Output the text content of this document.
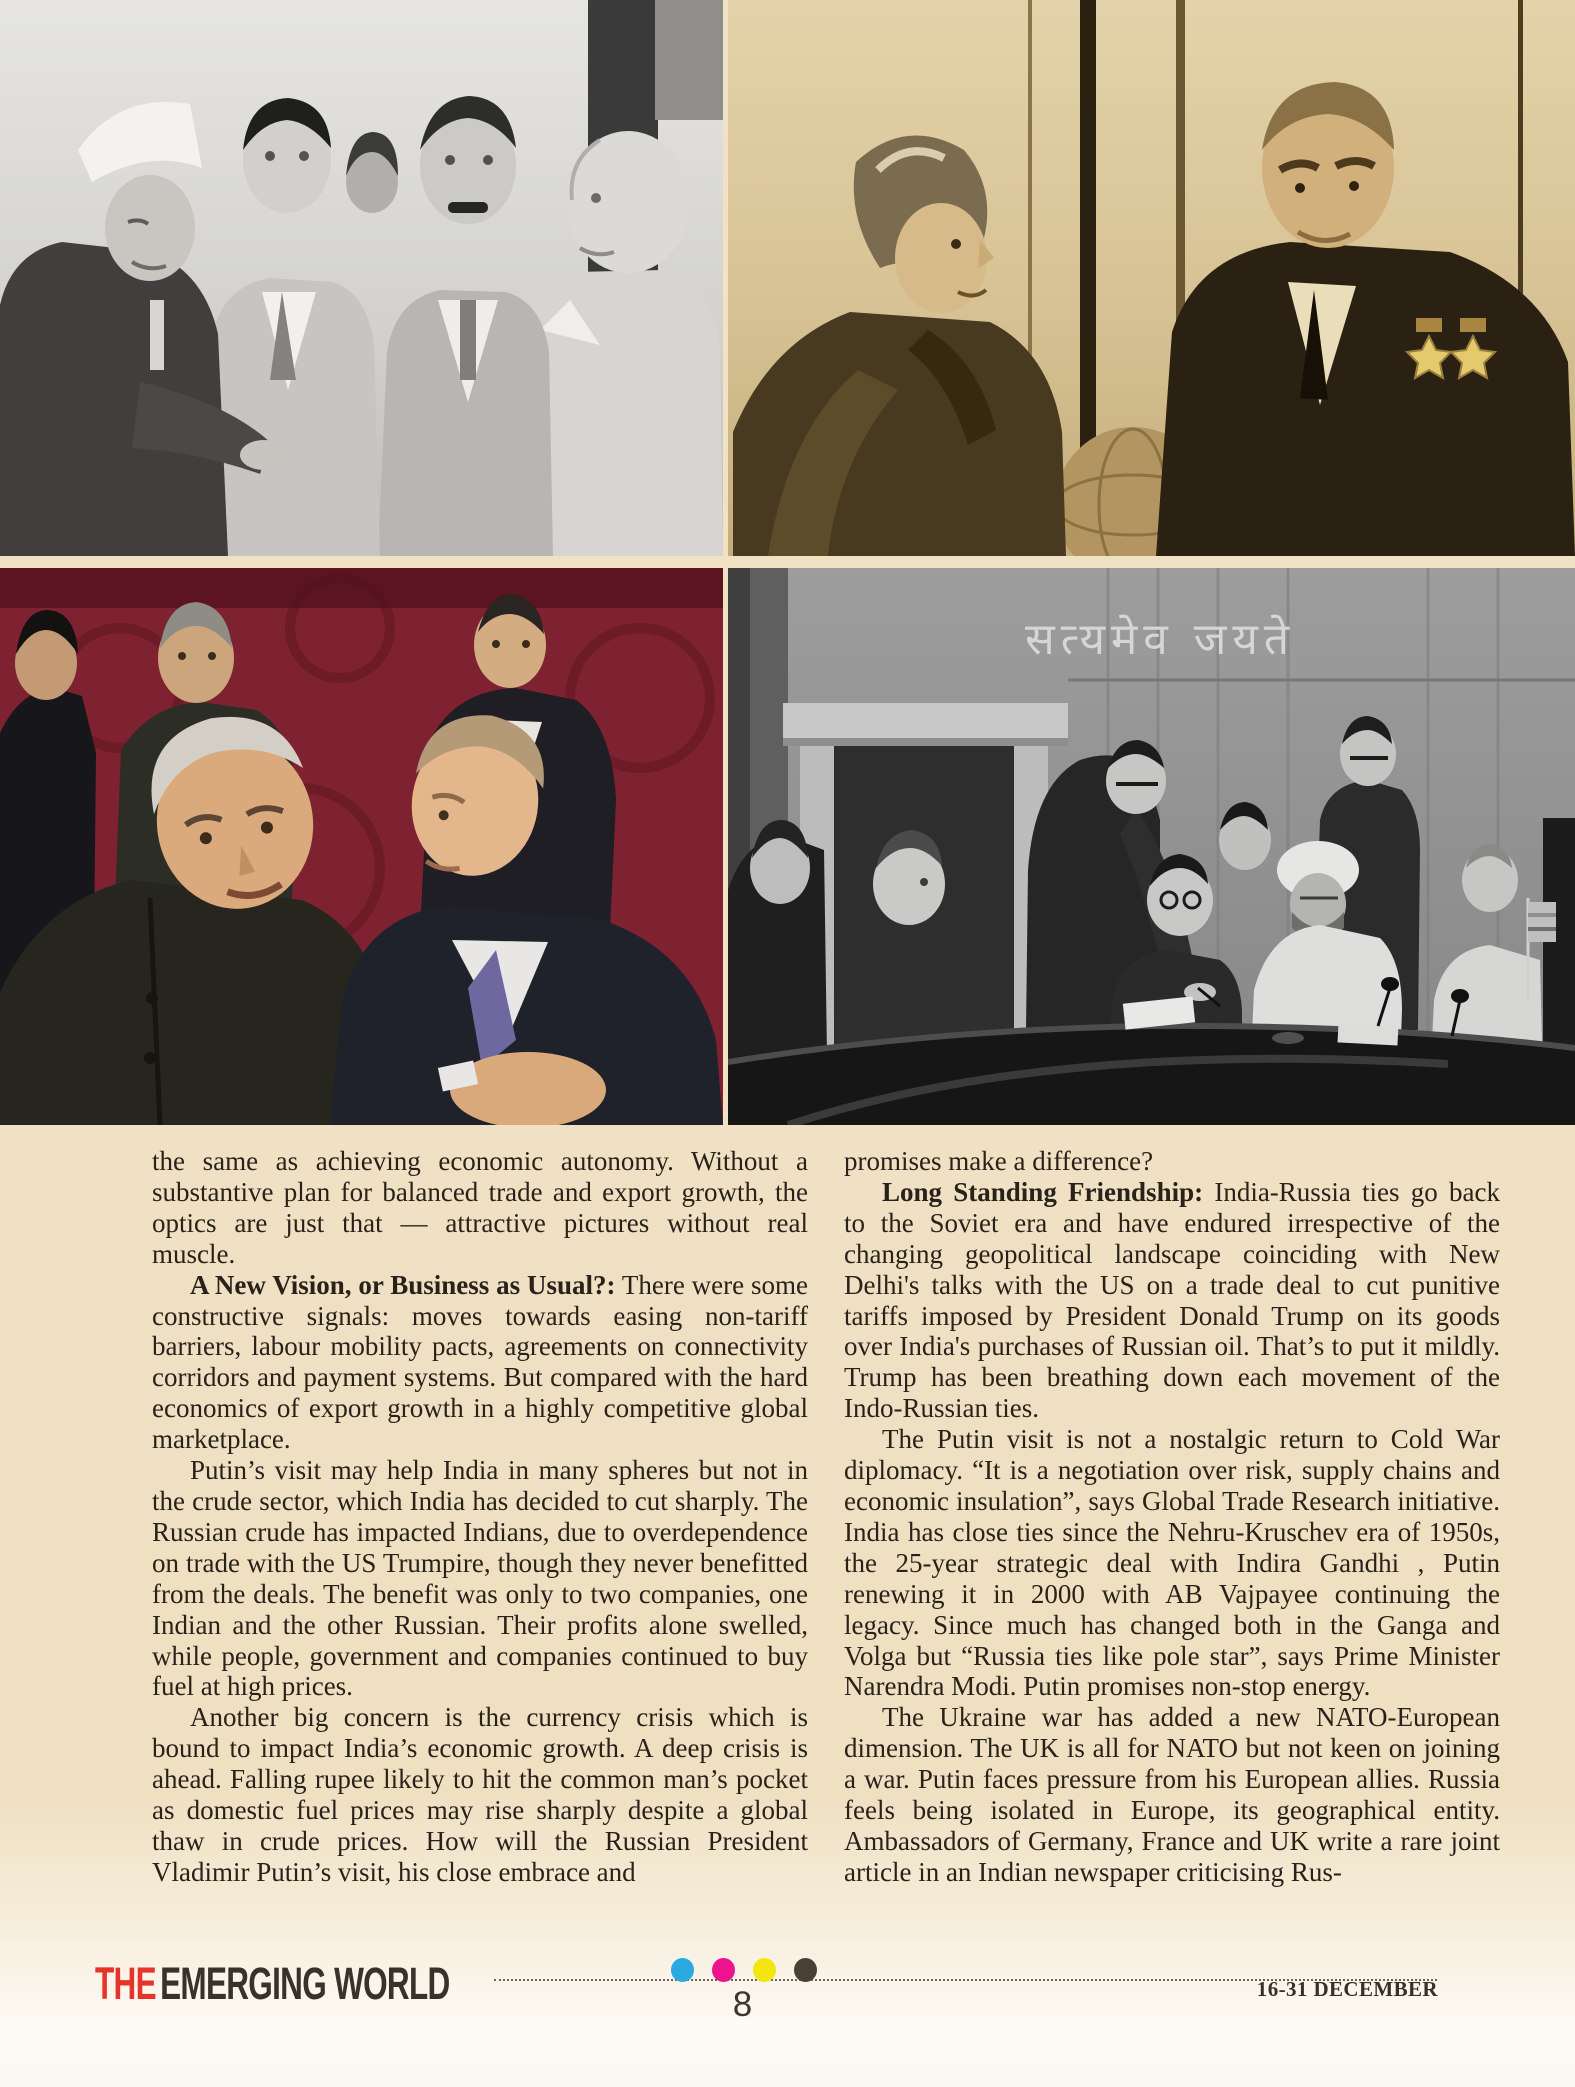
सत्यमेव जयते

the same as achieving economic autonomy. Without a substantive plan for balanced trade and export growth, the optics are just that — attractive pictures without real muscle.

A New Vision, or Business as Usual?: There were some constructive signals: moves towards easing non-tariff barriers, labour mobility pacts, agreements on connectivity corridors and payment systems. But compared with the hard economics of export growth in a highly competitive global marketplace.

Putin’s visit may help India in many spheres but not in the crude sector, which India has decided to cut sharply. The Russian crude has impacted Indians, due to overdependence on trade with the US Trumpire, though they never benefitted from the deals. The benefit was only to two companies, one Indian and the other Russian. Their profits alone swelled, while people, government and companies continued to buy fuel at high prices.

Another big concern is the currency crisis which is bound to impact India’s economic growth. A deep crisis is ahead. Falling rupee likely to hit the common man’s pocket as domestic fuel prices may rise sharply despite a global thaw in crude prices. How will the Russian President Vladimir Putin’s visit, his close embrace and

promises make a difference?

Long Standing Friendship: India-Russia ties go back to the Soviet era and have endured irrespective of the changing geopolitical landscape coinciding with New Delhi's talks with the US on a trade deal to cut punitive tariffs imposed by President Donald Trump on its goods over India's purchases of Russian oil. That’s to put it mildly. Trump has been breathing down each movement of the Indo-Russian ties.

The Putin visit is not a nostalgic return to Cold War diplomacy. “It is a negotiation over risk, supply chains and economic insulation”, says Global Trade Research initiative. India has close ties since the Nehru-Kruschev era of 1950s, the 25-year strategic deal with Indira Gandhi , Putin renewing it in 2000 with AB Vajpayee continuing the legacy. Since much has changed both in the Ganga and Volga but “Russia ties like pole star”, says Prime Minister Narendra Modi. Putin promises non-stop energy.

The Ukraine war has added a new NATO-European dimension. The UK is all for NATO but not keen on joining a war. Putin faces pressure from his European allies. Russia feels being isolated in Europe, its geographical entity. Ambassadors of Germany, France and UK write a rare joint article in an Indian newspaper criticising Rus-

THEEMERGING WORLD	8	16-31 DECEMBER
